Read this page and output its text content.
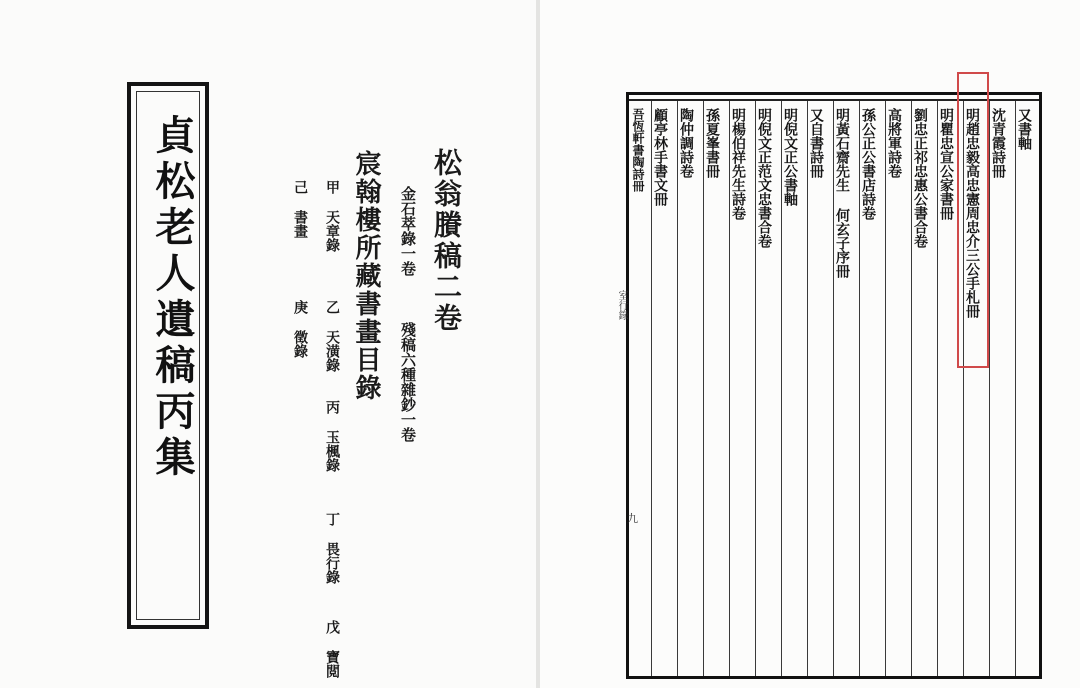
貞松老人遺稿丙集	松翁賸稿二卷
金石萃錄一卷
殘稿六種雜鈔一卷
宸翰樓所藏書畫目錄
甲 天章錄
乙 天潢錄
丙 玉楓錄
丁 畏行錄
戊 寶閲
己 書畫
庚 徵錄
又書軸
沈青霞詩冊
明趙忠毅高忠憲周忠介三公手札冊
明瞿忠宣公家書冊
劉忠正祁忠惠公書合卷
高將軍詩卷
孫公正公書店詩卷
明黃石齋先生 何玄子序冊
又自書詩冊
明倪文正公書軸
明倪文正范文忠書合卷
明楊伯祥先生詩卷
孫夏峯書冊
陶仲調詩卷
顧亭林手書文冊
吾恆軒書陶詩冊
室行錄
九
